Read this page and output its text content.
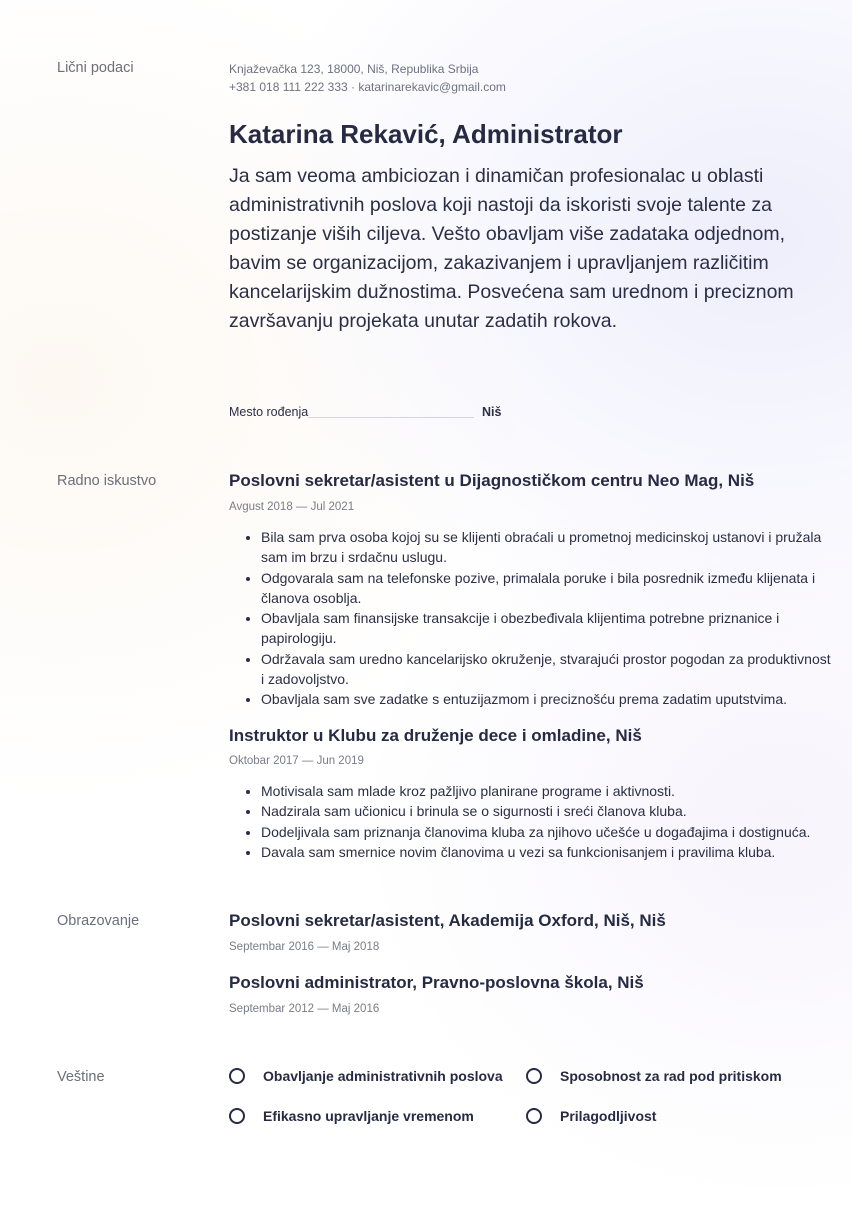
Lični podaci
Radno iskustvo
Obrazovanje
Veštine
Knjaževačka 123, 18000, Niš, Republika Srbija
+381 018 111 222 333 · katarinarekavic@gmail.com
Katarina Rekavić, Administrator
Ja sam veoma ambiciozan i dinamičan profesionalac u oblasti administrativnih poslova koji nastoji da iskoristi svoje talente za postizanje viših ciljeva. Vešto obavljam više zadataka odjednom, bavim se organizacijom, zakazivanjem i upravljanjem različitim kancelarijskim dužnostima. Posvećena sam urednom i preciznom završavanju projekata unutar zadatih rokova.
Mesto rođenja	Niš
Poslovni sekretar/asistent u Dijagnostičkom centru Neo Mag, Niš
Avgust 2018 — Jul 2021
• Bila sam prva osoba kojoj su se klijenti obraćali u prometnoj medicinskoj ustanovi i pružala sam im brzu i srdačnu uslugu.
• Odgovarala sam na telefonske pozive, primalala poruke i bila posrednik između klijenata i članova osoblja.
• Obavljala sam finansijske transakcije i obezbeđivala klijentima potrebne priznanice i papirologiju.
• Održavala sam uredno kancelarijsko okruženje, stvarajući prostor pogodan za produktivnost i zadovoljstvo.
• Obavljala sam sve zadatke s entuzijazmom i preciznošću prema zadatim uputstvima.
Instruktor u Klubu za druženje dece i omladine, Niš
Oktobar 2017 — Jun 2019
• Motivisala sam mlade kroz pažljivo planirane programe i aktivnosti.
• Nadzirala sam učionicu i brinula se o sigurnosti i sreći članova kluba.
• Dodeljivala sam priznanja članovima kluba za njihovo učešće u događajima i dostignuća.
• Davala sam smernice novim članovima u vezi sa funkcionisanjem i pravilima kluba.
Poslovni sekretar/asistent, Akademija Oxford, Niš, Niš
Septembar 2016 — Maj 2018
Poslovni administrator, Pravno-poslovna škola, Niš
Septembar 2012 — Maj 2016
Obavljanje administrativnih poslova	Sposobnost za rad pod pritiskom
Efikasno upravljanje vremenom	Prilagodljivost
